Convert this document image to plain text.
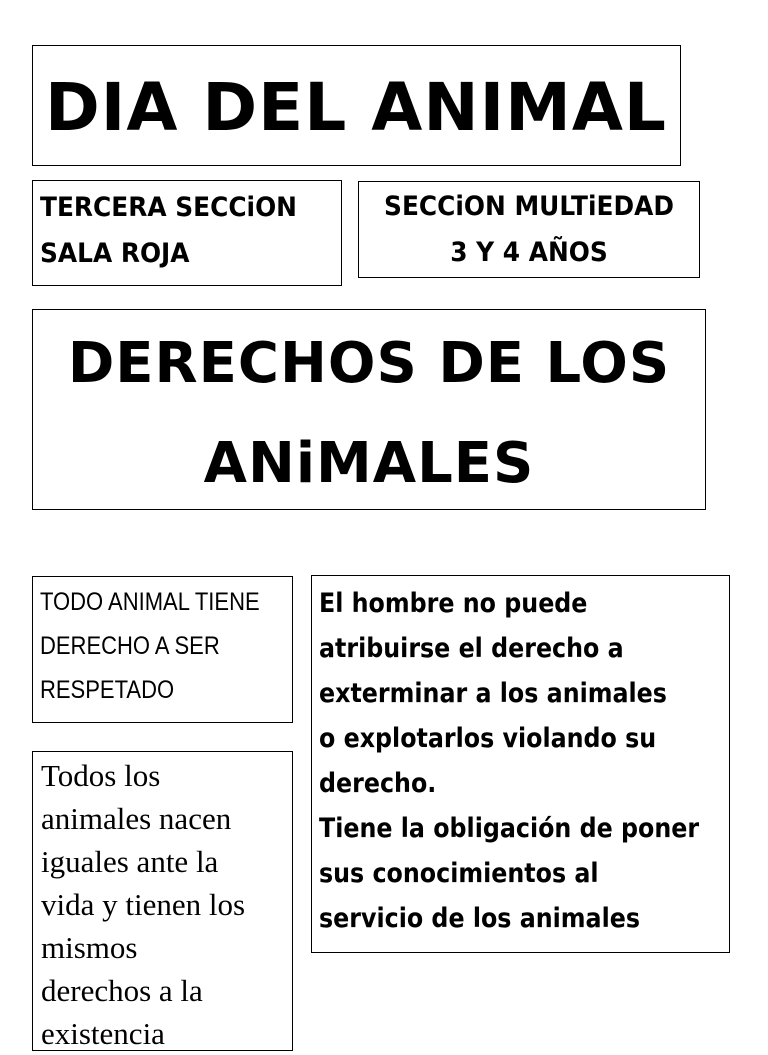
DIA DEL ANIMAL
TERCERA SECCiON
SALA ROJA
SECCiON MULTiEDAD
3 Y 4 AÑOS
DERECHOS DE LOS
ANiMALES
TODO ANIMAL TIENE
DERECHO A SER
RESPETADO
El hombre no puede
atribuirse el derecho a
exterminar a los animales
o explotarlos violando su
derecho.
Tiene la obligación de poner
sus conocimientos al
servicio de los animales
Todos los
animales nacen
iguales ante la
vida y tienen los
mismos
derechos a la
existencia
